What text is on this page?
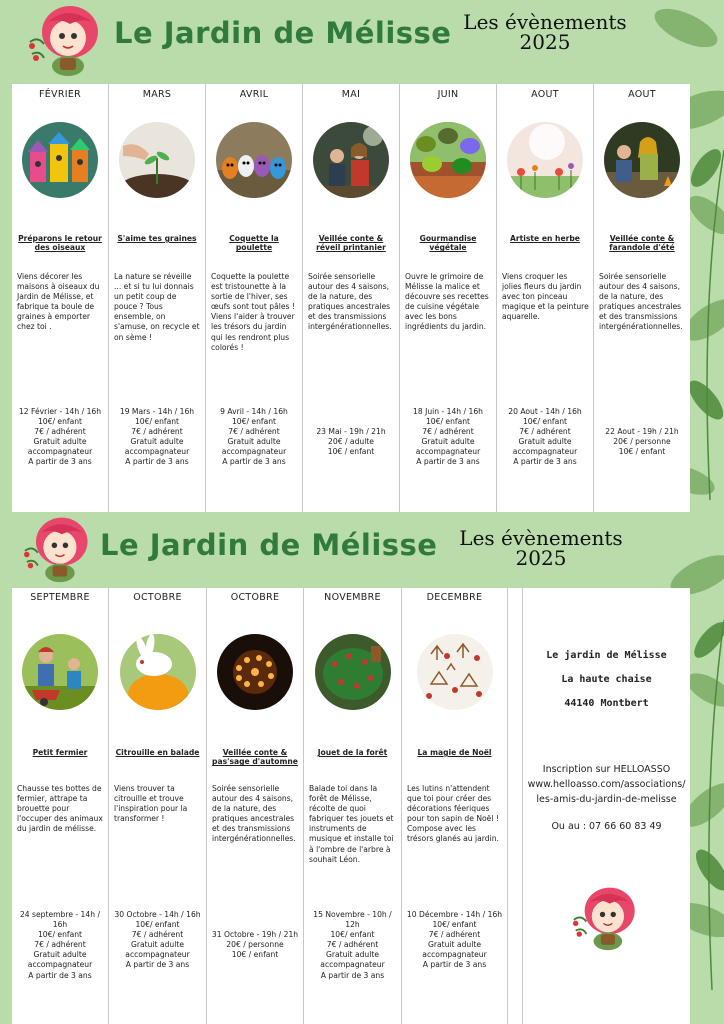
Le Jardin de Mélisse Les évènements
2025
FÉVRIER
Préparons le retour des oiseaux
Viens décorer les maisons à oiseaux du Jardin de Mélisse, et fabrique ta boule de graines à emporter chez toi .
12 Février - 14h / 16h
10€/ enfant
7€ / adhérent
Gratuit adulte
accompagnateur
A partir de 3 ans
MARS
S'aime tes graines
La nature se réveille ... et si tu lui donnais un petit coup de pouce ? Tous ensemble, on s'amuse, on recycle et on sème !
19 Mars - 14h / 16h
10€/ enfant
7€ / adhérent
Gratuit adulte
accompagnateur
A partir de 3 ans
AVRIL
Coquette la poulette
Coquette la poulette est tristounette à la sortie de l'hiver, ses œufs sont tout pâles ! Viens l'aider à trouver les trésors du jardin qui les rendront plus colorés !
9 Avril - 14h / 16h
10€/ enfant
7€ / adhérent
Gratuit adulte
accompagnateur
A partir de 3 ans
MAI
Veillée conte & réveil printanier
Soirée sensorielle autour des 4 saisons, de la nature, des pratiques ancestrales et des transmissions intergénérationnelles.
23 Mai - 19h / 21h
20€ / adulte
10€ / enfant
JUIN
Gourmandise végétale
Ouvre le grimoire de Mélisse la malice et découvre ses recettes de cuisine végétale avec les bons ingrédients du jardin.
18 Juin - 14h / 16h
10€/ enfant
7€ / adhérent
Gratuit adulte
accompagnateur
A partir de 3 ans
AOUT
Artiste en herbe
Viens croquer les jolies fleurs du jardin avec ton pinceau magique et la peinture aquarelle.
20 Aout - 14h / 16h
10€/ enfant
7€ / adhérent
Gratuit adulte
accompagnateur
A partir de 3 ans
AOUT
Veillée conte & farandole d'été
Soirée sensorielle autour des 4 saisons, de la nature, des pratiques ancestrales et des transmissions intergénérationnelles.
22 Aout - 19h / 21h
20€ / personne
10€ / enfant
Le Jardin de Mélisse Les évènements
2025
SEPTEMBRE
Petit fermier
Chausse tes bottes de fermier, attrape ta brouette pour l'occuper des animaux du jardin de mélisse.
24 septembre - 14h / 16h
10€/ enfant
7€ / adhérent
Gratuit adulte
accompagnateur
A partir de 3 ans
OCTOBRE
Citrouille en balade
Viens trouver ta citrouille et trouve l'inspiration pour la transformer !
30 Octobre - 14h / 16h
10€/ enfant
7€ / adhérent
Gratuit adulte
accompagnateur
A partir de 3 ans
OCTOBRE
Veillée conte & pas'sage d'automne
Soirée sensorielle autour des 4 saisons, de la nature, des pratiques ancestrales et des transmissions intergénérationnelles.
31 Octobre - 19h / 21h
20€ / personne
10€ / enfant
NOVEMBRE
Jouet de la forêt
Balade toi dans la forêt de Mélisse, récolte de quoi fabriquer tes jouets et instruments de musique et installe toi à l'ombre de l'arbre à souhait Léon.
15 Novembre - 10h / 12h
10€/ enfant
7€ / adhérent
Gratuit adulte
accompagnateur
A partir de 3 ans
DECEMBRE
La magie de Noël
Les lutins n'attendent que toi pour créer des décorations féeriques pour ton sapin de Noël ! Compose avec les trésors glanés au jardin.
10 Décembre - 14h / 16h
10€/ enfant
7€ / adhérent
Gratuit adulte
accompagnateur
A partir de 3 ans
Le jardin de Mélisse
La haute chaise
44140 Montbert
Inscription sur HELLOASSO
www.helloasso.com/associations/
les-amis-du-jardin-de-melisse
Ou au : 07 66 60 83 49
